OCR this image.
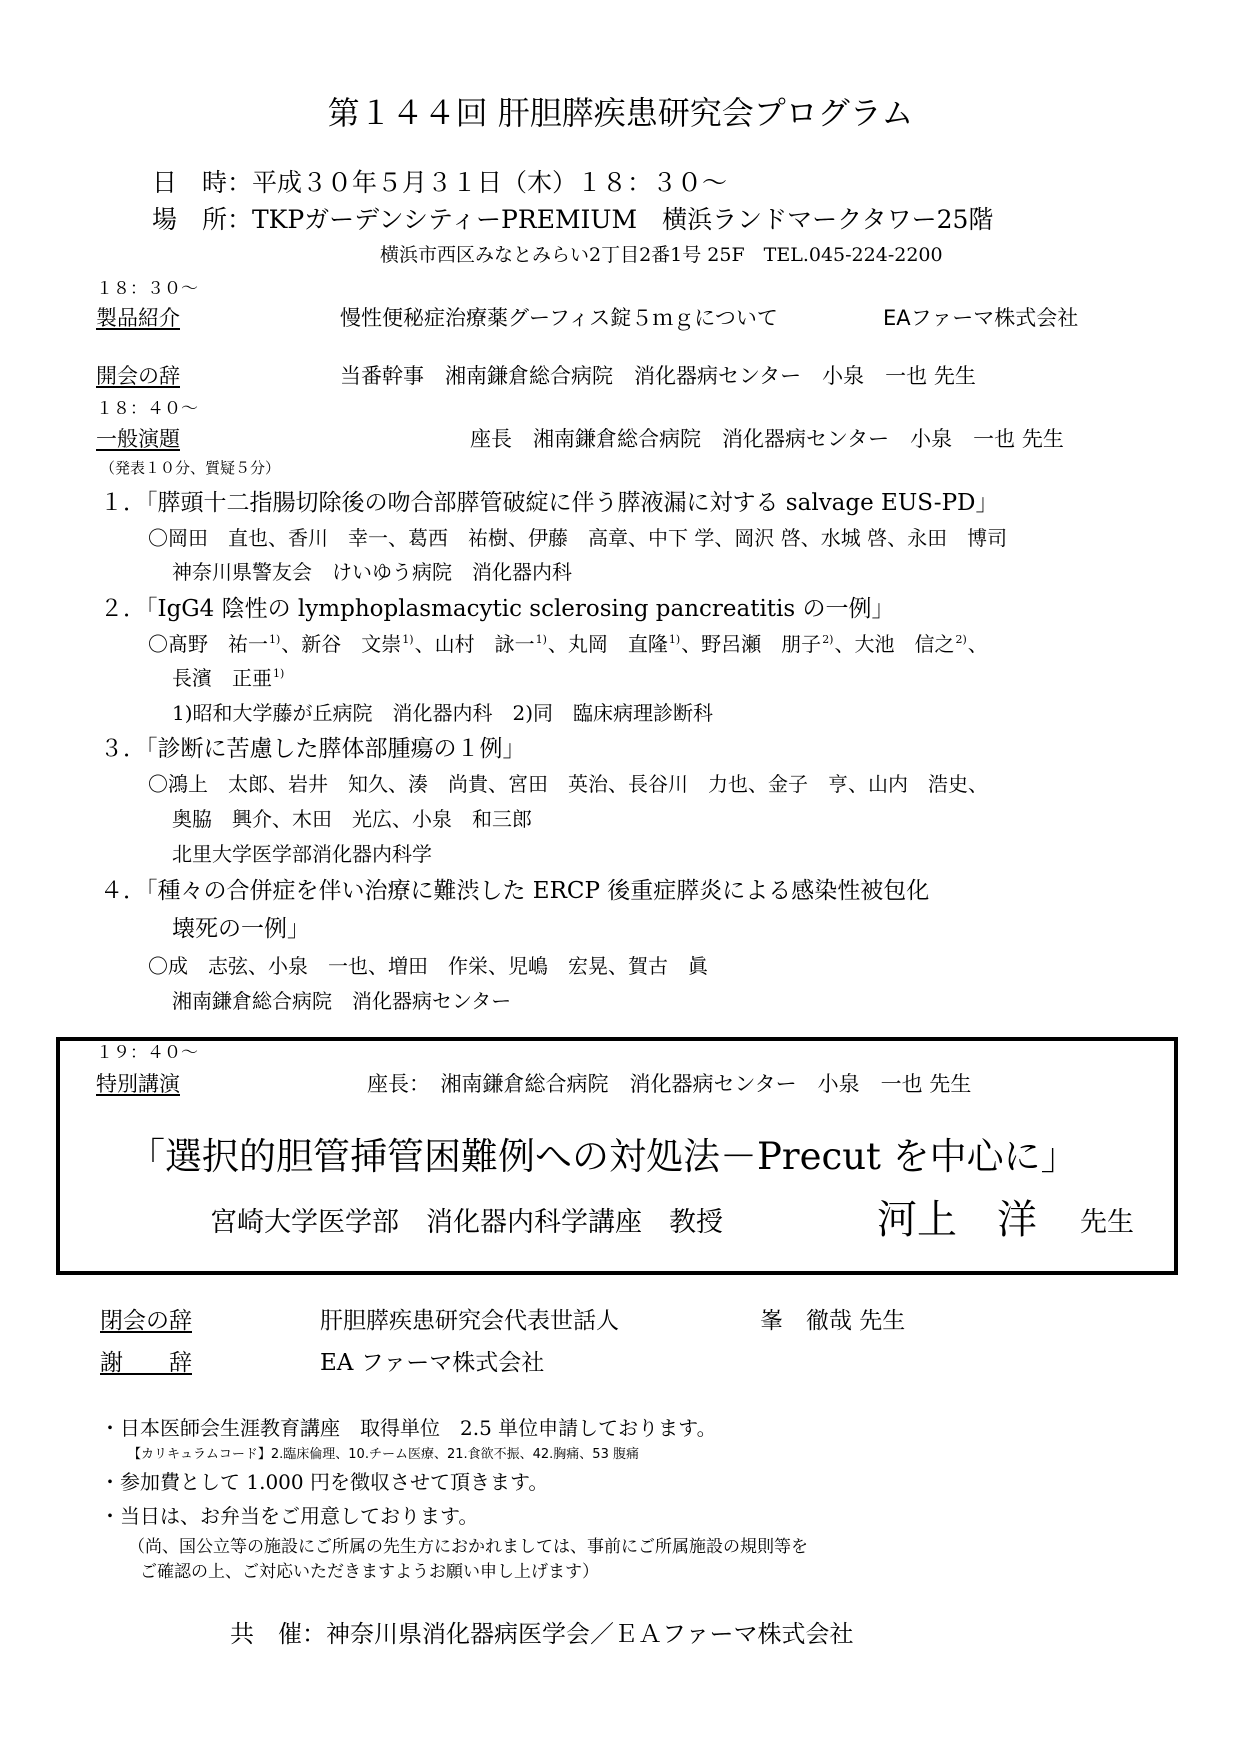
第１４４回 肝胆膵疾患研究会プログラム
日　時：平成３０年５月３１日（木）１８：３０～
場　所：TKPガーデンシティーPREMIUM　横浜ランドマークタワー25階
横浜市西区みなとみらい2丁目2番1号 25F　TEL.045-224-2200
１８：３０～
製品紹介	慢性便秘症治療薬グーフィス錠５ｍｇについて	EAファーマ株式会社
開会の辞	当番幹事　湘南鎌倉総合病院　消化器病センター　小泉　一也 先生
１８：４０～
一般演題	座長　湘南鎌倉総合病院　消化器病センター　小泉　一也 先生
（発表１０分、質疑５分）
１．「膵頭十二指腸切除後の吻合部膵管破綻に伴う膵液漏に対する salvage EUS-PD」
〇岡田　直也、香川　幸一、葛西　祐樹、伊藤　高章、中下 学、岡沢 啓、水城 啓、永田　博司
神奈川県警友会　けいゆう病院　消化器内科
２．「IgG4 陰性の lymphoplasmacytic sclerosing pancreatitis の一例」
〇髙野　祐一$^{1)}$、新谷　文崇$^{1)}$、山村　詠一$^{1)}$、丸岡　直隆$^{1)}$、野呂瀬　朋子$^{2)}$、大池　信之$^{2)}$、
長濱　正亜$^{1)}$
1)昭和大学藤が丘病院　消化器内科　2)同　臨床病理診断科
３．「診断に苦慮した膵体部腫瘍の１例」
〇鴻上　太郎、岩井　知久、湊　尚貴、宮田　英治、長谷川　力也、金子　亨、山内　浩史、
奥脇　興介、木田　光広、小泉　和三郎
北里大学医学部消化器内科学
４．「種々の合併症を伴い治療に難渋した ERCP 後重症膵炎による感染性被包化
壊死の一例」
〇成　志弦、小泉　一也、増田　作栄、児嶋　宏晃、賀古　眞
湘南鎌倉総合病院　消化器病センター
１９：４０～
特別講演	座長：　湘南鎌倉総合病院　消化器病センター　小泉　一也 先生
「選択的胆管挿管困難例への対処法－Precut を中心に」
宮崎大学医学部　消化器内科学講座　教授	河上　洋 先生
閉会の辞	肝胆膵疾患研究会代表世話人	峯　徹哉 先生
謝　　辞	EA ファーマ株式会社
・日本医師会生涯教育講座　取得単位　2.5 単位申請しております。
【カリキュラムコード】2.臨床倫理、10.チーム医療、21.食欲不振、42.胸痛、53 腹痛
・参加費として 1.000 円を徴収させて頂きます。
・当日は、お弁当をご用意しております。
（尚、国公立等の施設にご所属の先生方におかれましては、事前にご所属施設の規則等を
ご確認の上、ご対応いただきますようお願い申し上げます）
共　催：神奈川県消化器病医学会／ＥＡファーマ株式会社
